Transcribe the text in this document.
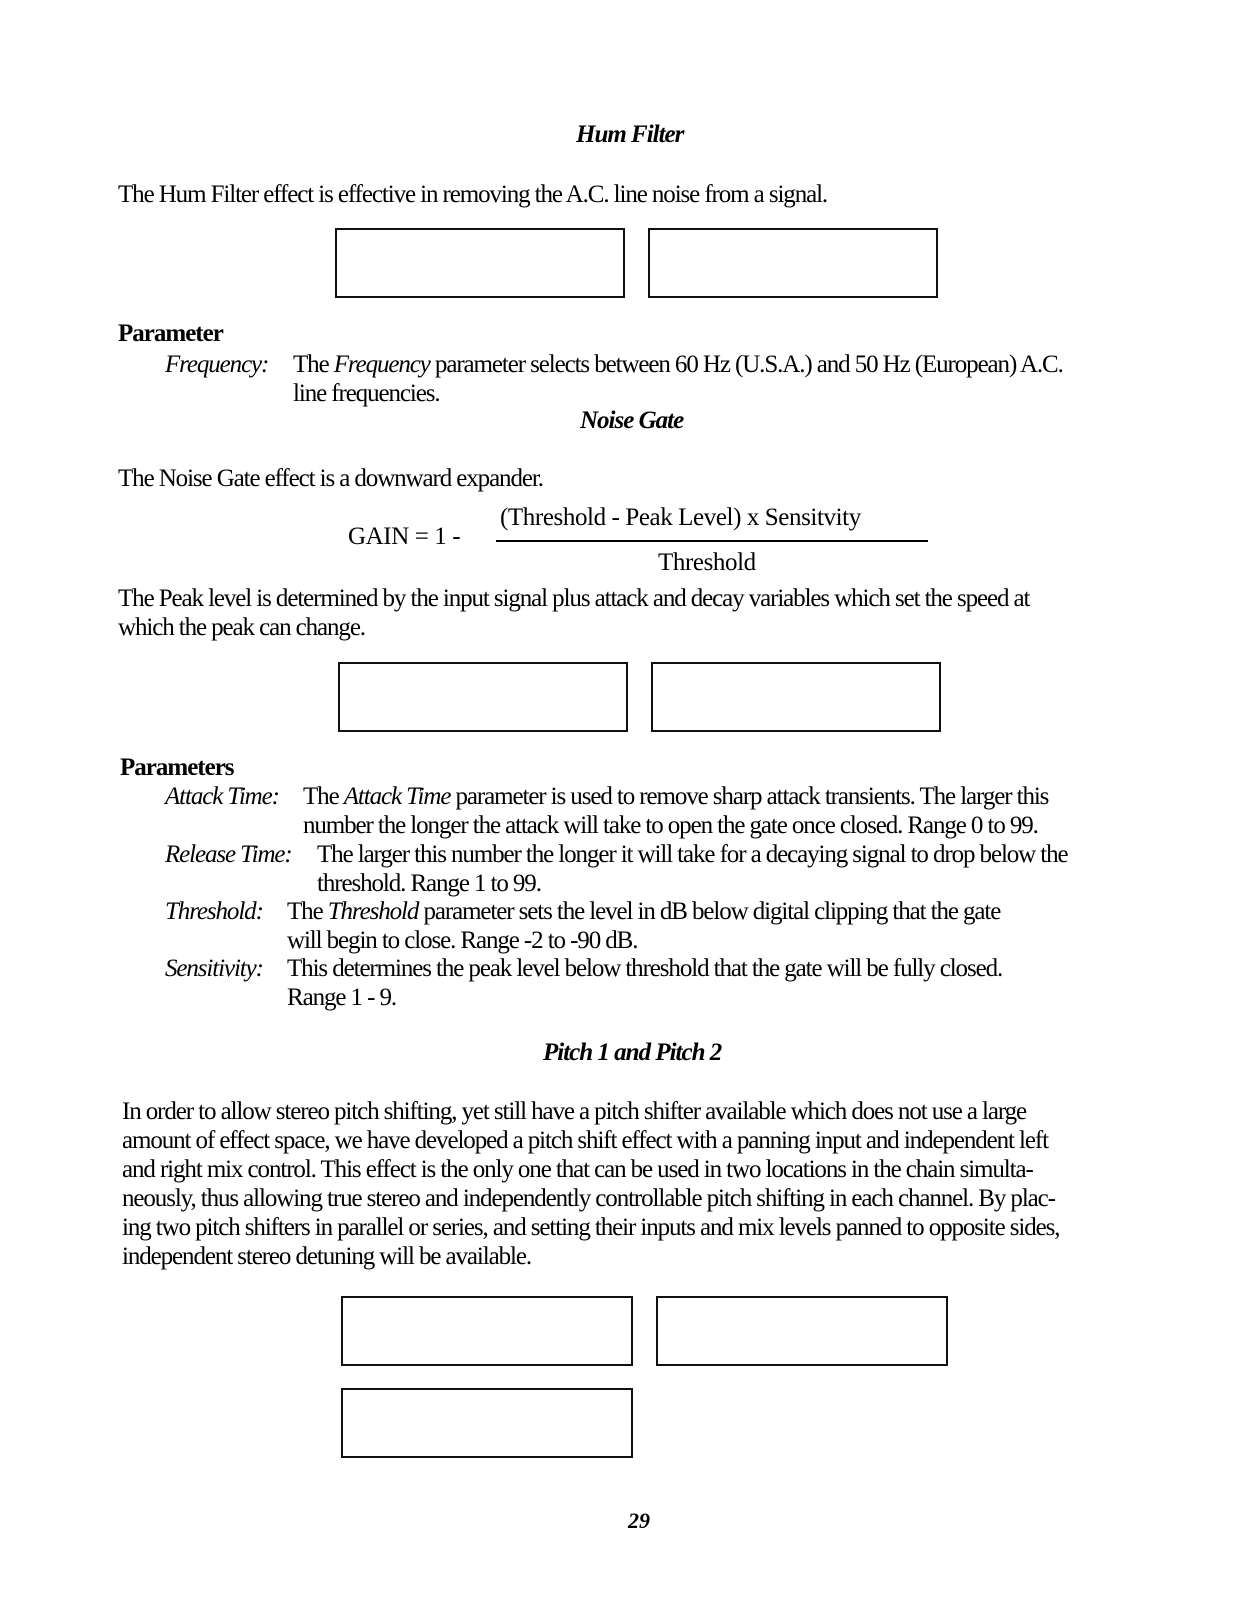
Hum Filter
The Hum Filter effect is effective in removing the A.C. line noise from a signal.

Parameter
Frequency: The Frequency parameter selects between 60 Hz (U.S.A.) and 50 Hz (European) A.C.
line frequencies.
Noise Gate
The Noise Gate effect is a downward expander.
GAIN = 1 -
(Threshold - Peak Level) x Sensitvity
Threshold
The Peak level is determined by the input signal plus attack and decay variables which set the speed at
which the peak can change.

Parameters
Attack Time: The Attack Time parameter is used to remove sharp attack transients. The larger this
number the longer the attack will take to open the gate once closed. Range 0 to 99.
Release Time: The larger this number the longer it will take for a decaying signal to drop below the
threshold. Range 1 to 99.
Threshold: The Threshold parameter sets the level in dB below digital clipping that the gate
will begin to close. Range -2 to -90 dB.
Sensitivity: This determines the peak level below threshold that the gate will be fully closed.
Range 1 - 9.
Pitch 1 and Pitch 2
In order to allow stereo pitch shifting, yet still have a pitch shifter available which does not use a large
amount of effect space, we have developed a pitch shift effect with a panning input and independent left
and right mix control. This effect is the only one that can be used in two locations in the chain simulta-
neously, thus allowing true stereo and independently controllable pitch shifting in each channel. By plac-
ing two pitch shifters in parallel or series, and setting their inputs and mix levels panned to opposite sides,
independent stereo detuning will be available.

29
